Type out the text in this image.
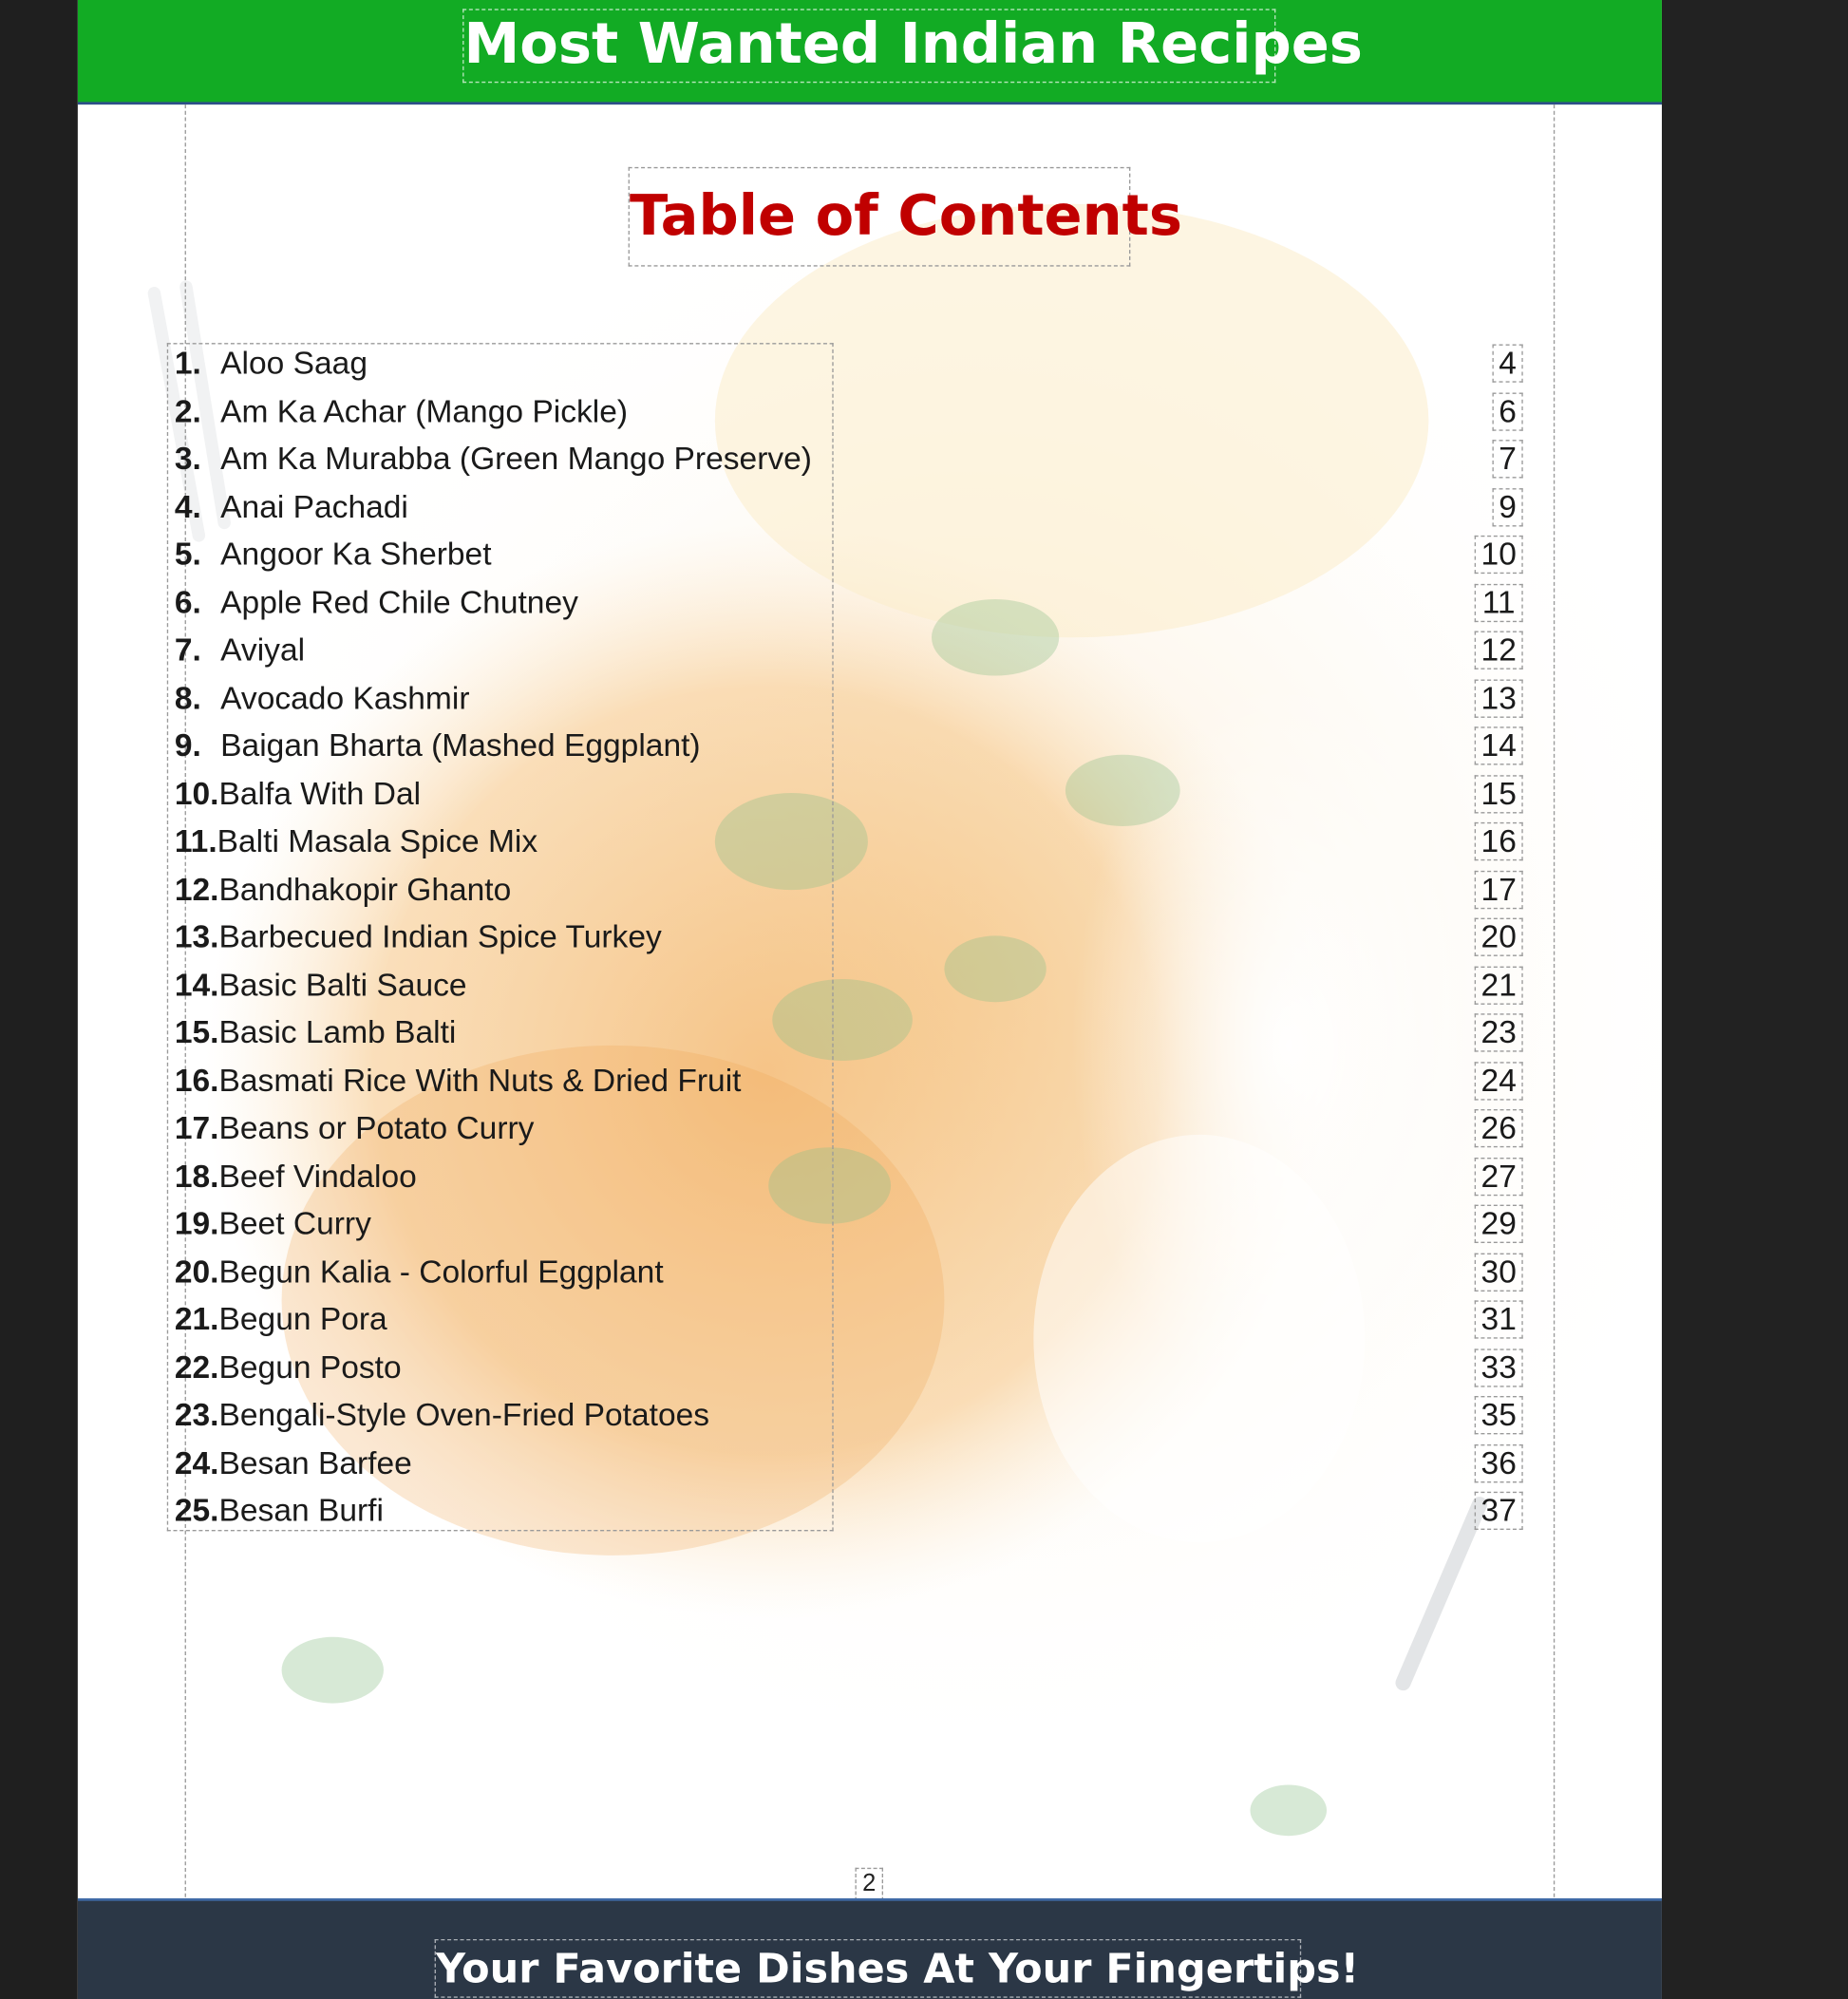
Most Wanted Indian Recipes
Table of Contents
1. Aloo Saag	4
2. Am Ka Achar (Mango Pickle)	6
3. Am Ka Murabba (Green Mango Preserve)	7
4. Anai Pachadi	9
5. Angoor Ka Sherbet	10
6. Apple Red Chile Chutney	11
7. Aviyal	12
8. Avocado Kashmir	13
9. Baigan Bharta (Mashed Eggplant)	14
10.Balfa With Dal	15
11.Balti Masala Spice Mix	16
12.Bandhakopir Ghanto	17
13.Barbecued Indian Spice Turkey	20
14.Basic Balti Sauce	21
15.Basic Lamb Balti	23
16.Basmati Rice With Nuts & Dried Fruit	24
17.Beans or Potato Curry	26
18.Beef Vindaloo	27
19.Beet Curry	29
20.Begun Kalia - Colorful Eggplant	30
21.Begun Pora	31
22.Begun Posto	33
23.Bengali-Style Oven-Fried Potatoes	35
24.Besan Barfee	36
25.Besan Burfi	37
2
Your Favorite Dishes At Your Fingertips!
